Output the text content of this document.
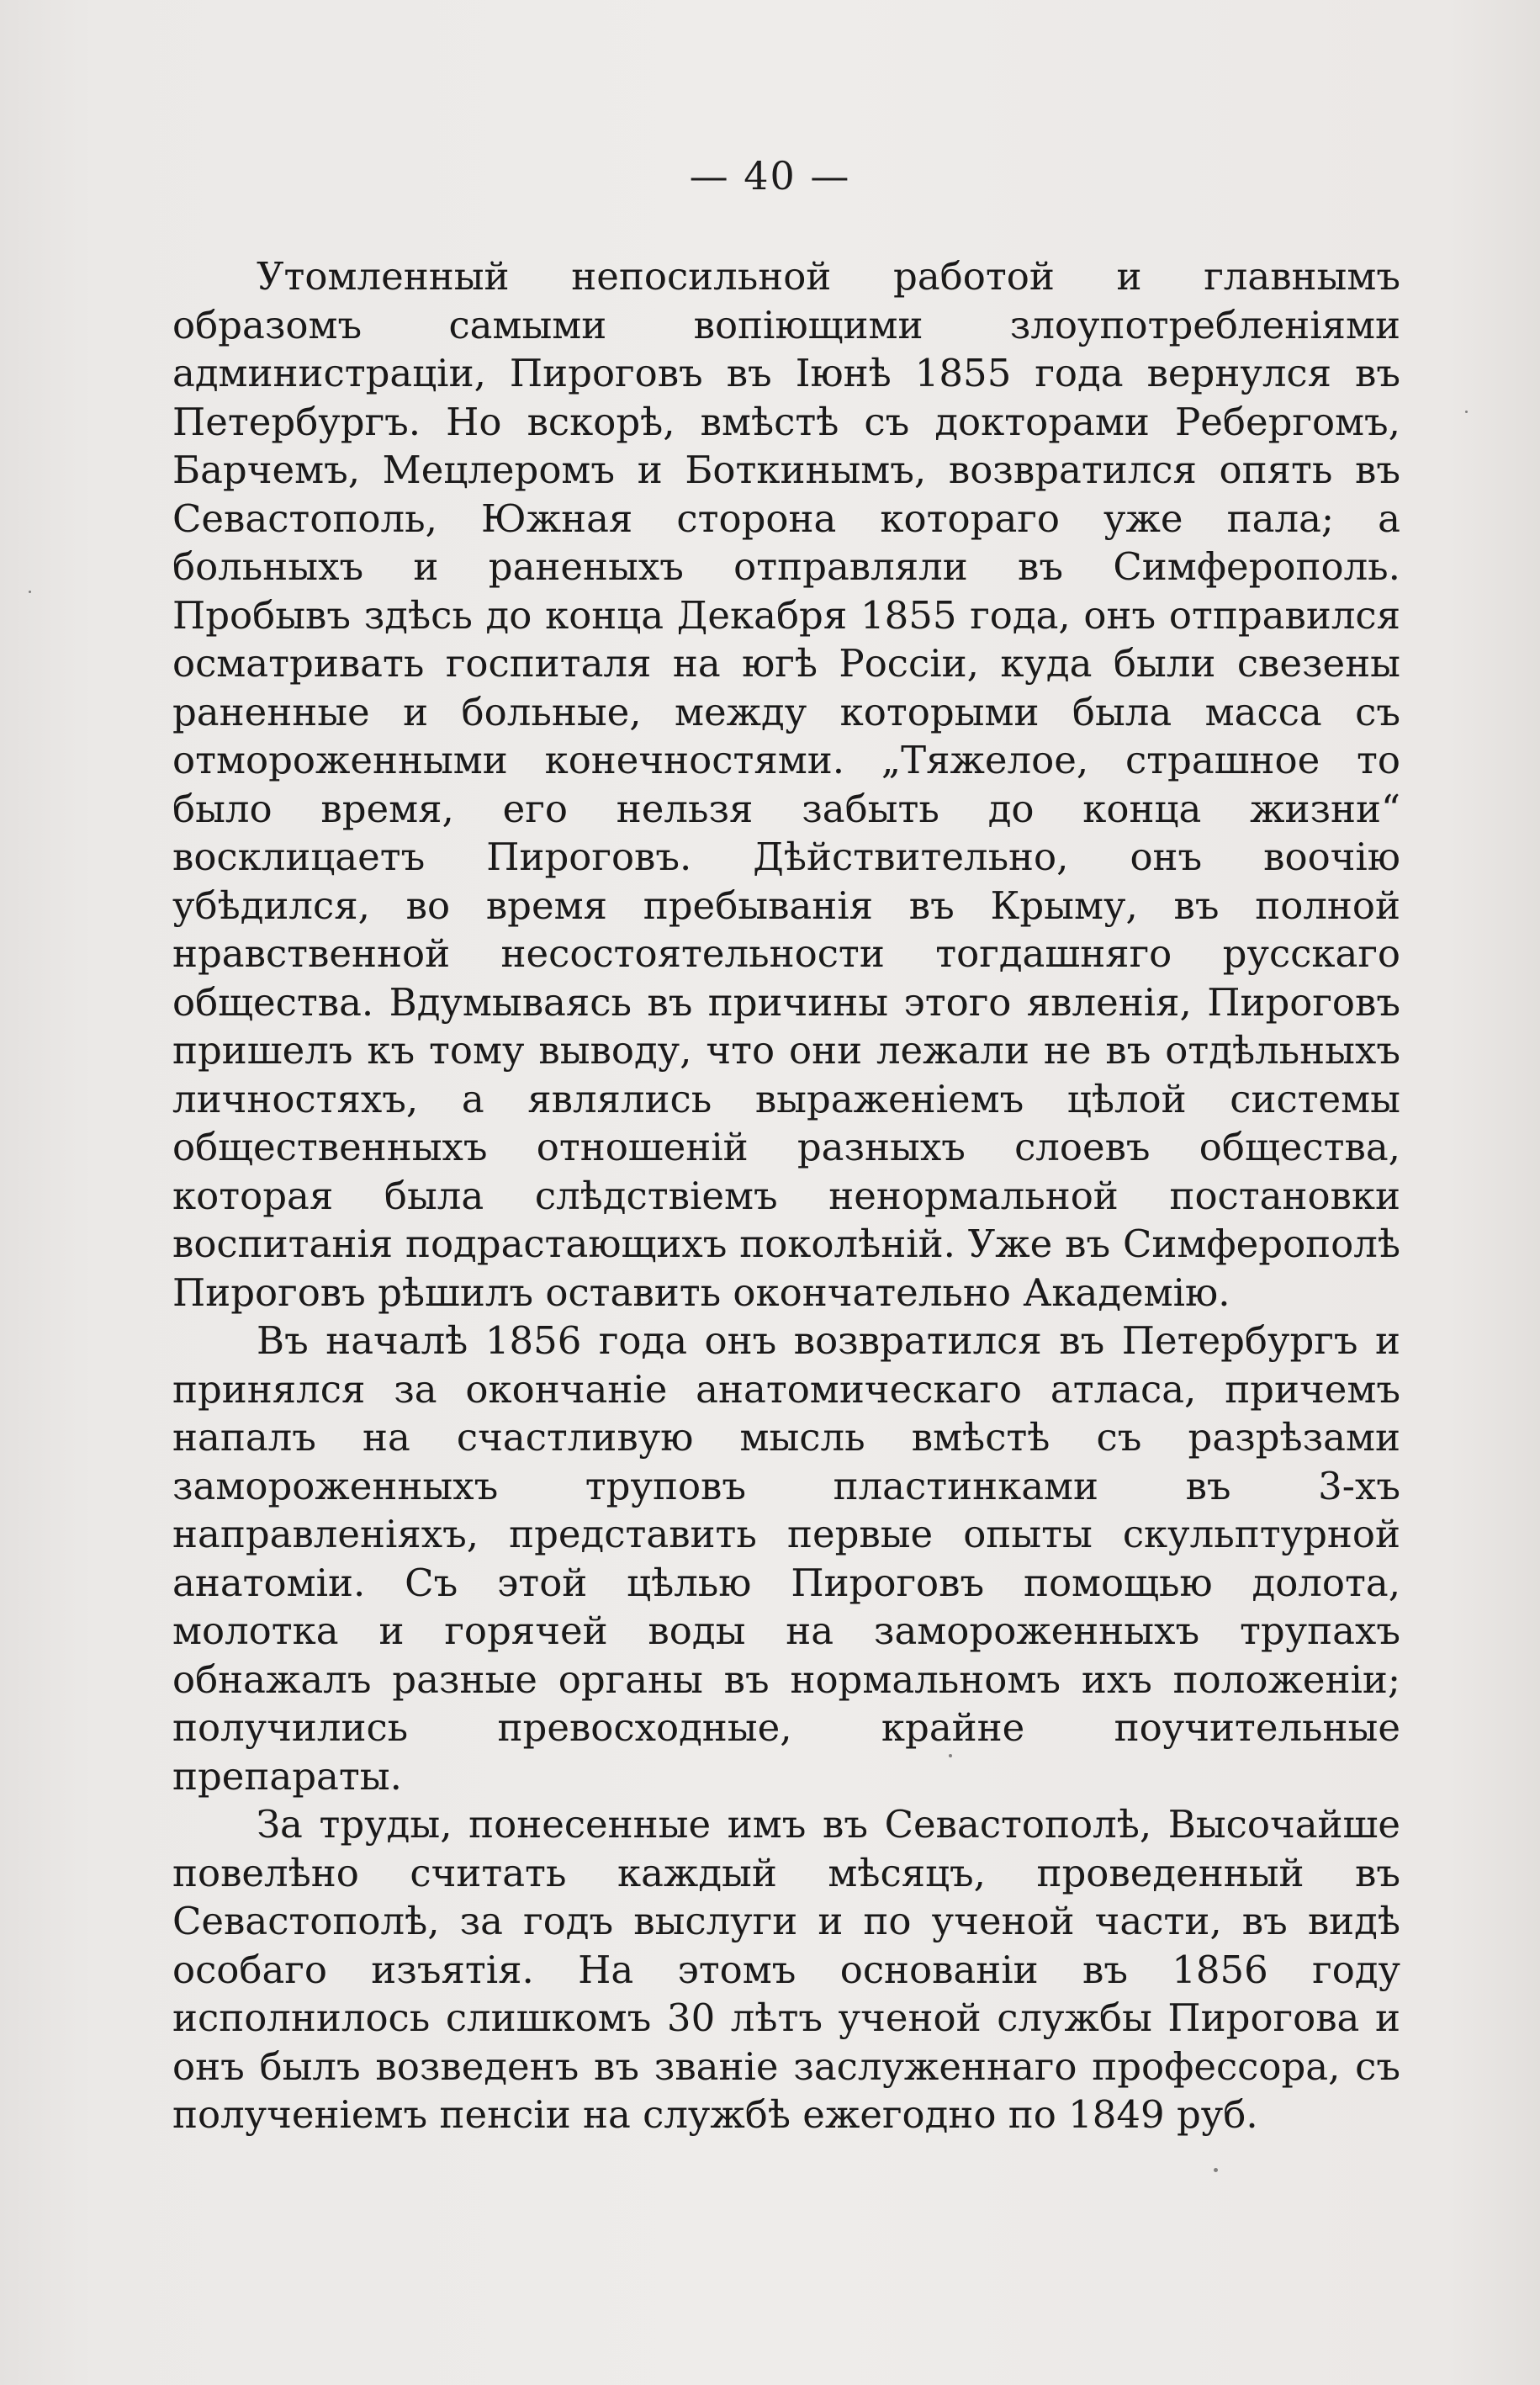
— 40 —

Утомленный непосильной работой и главнымъ образомъ самыми вопіющими злоупотребленіями администраціи, Пироговъ въ Іюнѣ 1855 года вернулся въ Петербургъ. Но вскорѣ, вмѣстѣ съ докторами Ребергомъ, Барчемъ, Мецлеромъ и Боткинымъ, возвратился опять въ Севастополь, Южная сторона котораго уже пала; а больныхъ и раненыхъ отправляли въ Симферополь. Пробывъ здѣсь до конца Декабря 1855 года, онъ отправился осматривать госпиталя на югѣ Россіи, куда были свезены раненные и больные, между которыми была масса съ отмороженными конечностями. „Тяжелое, страшное то было время, его нельзя забыть до конца жизни“ восклицаетъ Пироговъ. Дѣйствительно, онъ воочію убѣдился, во время пребыванія въ Крыму, въ полной нравственной несостоятельности тогдашняго русскаго общества. Вдумываясь въ причины этого явленія, Пироговъ пришелъ къ тому выводу, что они лежали не въ отдѣльныхъ личностяхъ, а являлись выраженіемъ цѣлой системы общественныхъ отношеній разныхъ слоевъ общества, которая была слѣдствіемъ ненормальной постановки воспитанія подрастающихъ поколѣній. Уже въ Симферополѣ Пироговъ рѣшилъ оставить окончательно Академію.

Въ началѣ 1856 года онъ возвратился въ Петербургъ и принялся за окончаніе анатомическаго атласа, причемъ напалъ на счастливую мысль вмѣстѣ съ разрѣзами замороженныхъ труповъ пластинками въ 3-хъ направленіяхъ, представить первые опыты скульптурной анатоміи. Съ этой цѣлью Пироговъ помощью долота, молотка и горячей воды на замороженныхъ трупахъ обнажалъ разные органы въ нормальномъ ихъ положеніи; получились превосходные, крайне поучительные препараты.

За труды, понесенные имъ въ Севастополѣ, Высочайше повелѣно считать каждый мѣсяцъ, проведенный въ Севастополѣ, за годъ выслуги и по ученой части, въ видѣ особаго изъятія. На этомъ основаніи въ 1856 году исполнилось слишкомъ 30 лѣтъ ученой службы Пирогова и онъ былъ возведенъ въ званіе заслуженнаго профессора, съ полученіемъ пенсіи на службѣ ежегодно по 1849 руб.
